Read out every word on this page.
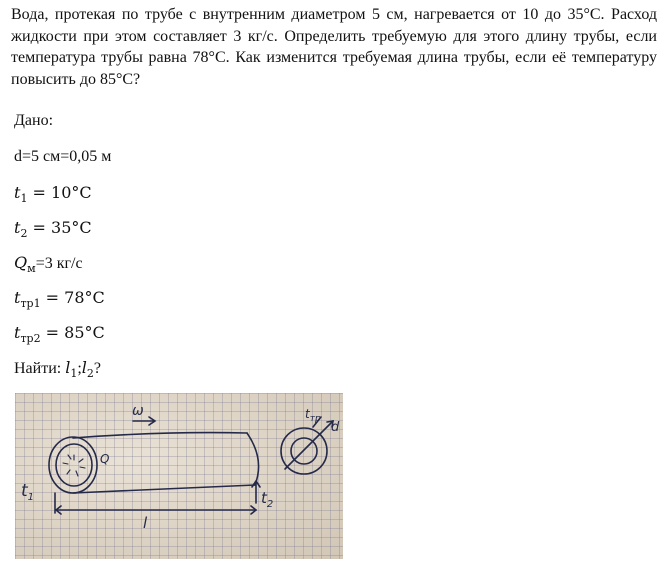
Вода, протекая по трубе с внутренним диаметром 5 см, нагревается от 10 до 35°С. Расход жидкости при этом составляет 3 кг/с. Определить требуемую для этого длину трубы, если температура трубы равна 78°С. Как изменится требуемая длина трубы, если её температуру повысить до 85°С?
Дано:
d=5 см=0,05 м
$t_1 = 10^\circ C$
$t_2 = 35^\circ C$
$Q_м=3$ кг/с
$t_{тр1} = 78^\circ C$
$t_{тр2} = 85^\circ C$
Найти: $l_1;l_2$?
ω
Q
$t_1$	$t_2$
l
$t_{тр}$
d
